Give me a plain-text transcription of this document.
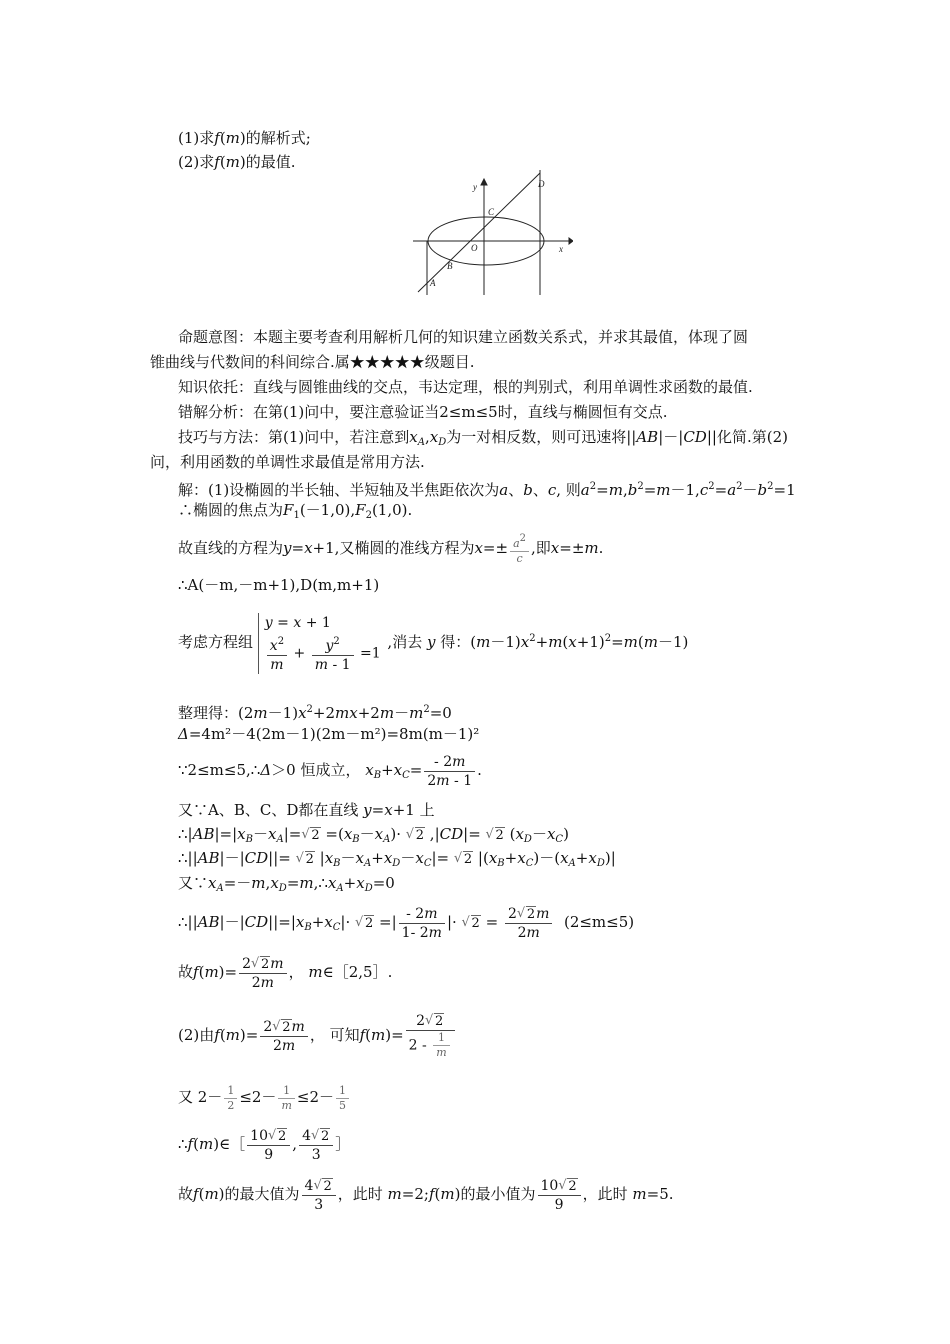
(1)求f(m)的解析式;
(2)求f(m)的最值.
y
x
O
A
B
C
D
命题意图：本题主要考查利用解析几何的知识建立函数关系式，并求其最值，体现了圆
锥曲线与代数间的科间综合.属★★★★★级题目.
知识依托：直线与圆锥曲线的交点，韦达定理，根的判别式，利用单调性求函数的最值.
错解分析：在第(1)问中，要注意验证当2≤m≤5时，直线与椭圆恒有交点.
技巧与方法：第(1)问中，若注意到$x_A,x_D$为一对相反数，则可迅速将||AB|－|CD||化简.第(2)
问，利用函数的单调性求最值是常用方法.
解：(1)设椭圆的半长轴、半短轴及半焦距依次为a、b、c, 则$a^2=m,b^2=m-1,c^2=a^2-b^2=1$
∴椭圆的焦点为$F_1(-1,0),F_2(1,0)$.
故直线的方程为y=x+1,又椭圆的准线方程为$x=\pm \frac{a^2}{c}$ ,即x=±m.
∴A(－m,－m+1),D(m,m+1)
考虑方程组
y = x + 1
$\frac{x^2}{m} + \frac{y^2}{m - 1} =1$
,消去 y 得：$(m-1)x^2+m(x+1)^2=m(m-1)$
整理得：$(2m-1)x^2+2mx+2m-m^2=0$
Δ=4m²－4(2m－1)(2m－m²)=8m(m－1)²
∵2≤m≤5,∴Δ＞0 恒成立， $x_B+x_C= \frac{- 2m}{2m - 1}$ .
又∵A、B、C、D都在直线 y=x+1 上
$\therefore|AB|=|x_B-x_A|=√$ $2 =(x_B-x_A)\cdot$ √ 2 ,|CD|= √ 2 $(x_D-x_C)$
∴||AB|－|CD||= √ 2 $|x_B-x_A+x_D-x_C|=$ √ 2 $|(x_B+x_C)-(x_A+x_D)|$
又$\because x_A=-m,x_D=m,\therefore x_A+x_D=0$
$\therefore||AB|-|CD||=|x_B+x_C|\cdot$ √ 2 =| $\frac{- 2m}{1- 2m}$ |· √ $2 = \frac{2√ 2m}{2m} (2\le m\le 5)$
故$f(m)= \frac{2√ 2m}{2m}$ ， m∈［2,5］.
(2)由$f(m)= \frac{2√ 2m}{2m}$ ， 可知$f(m)= \frac{2√ 2}{2 - \frac{1}{m}}$
又 $2- \frac{1}{2} \le 2- \frac{1}{m} \le 2- \frac{1}{5}$
∴f(m)∈［ $\frac{10√ 2}{9}$ , $\frac{4√ 2}{3}$ ］
故f(m)的最大值为 $\frac{4√ 2}{3}$ ，此时 m=2;f(m)的最小值为 $\frac{10√ 2}{9}$ ，此时 m=5.
